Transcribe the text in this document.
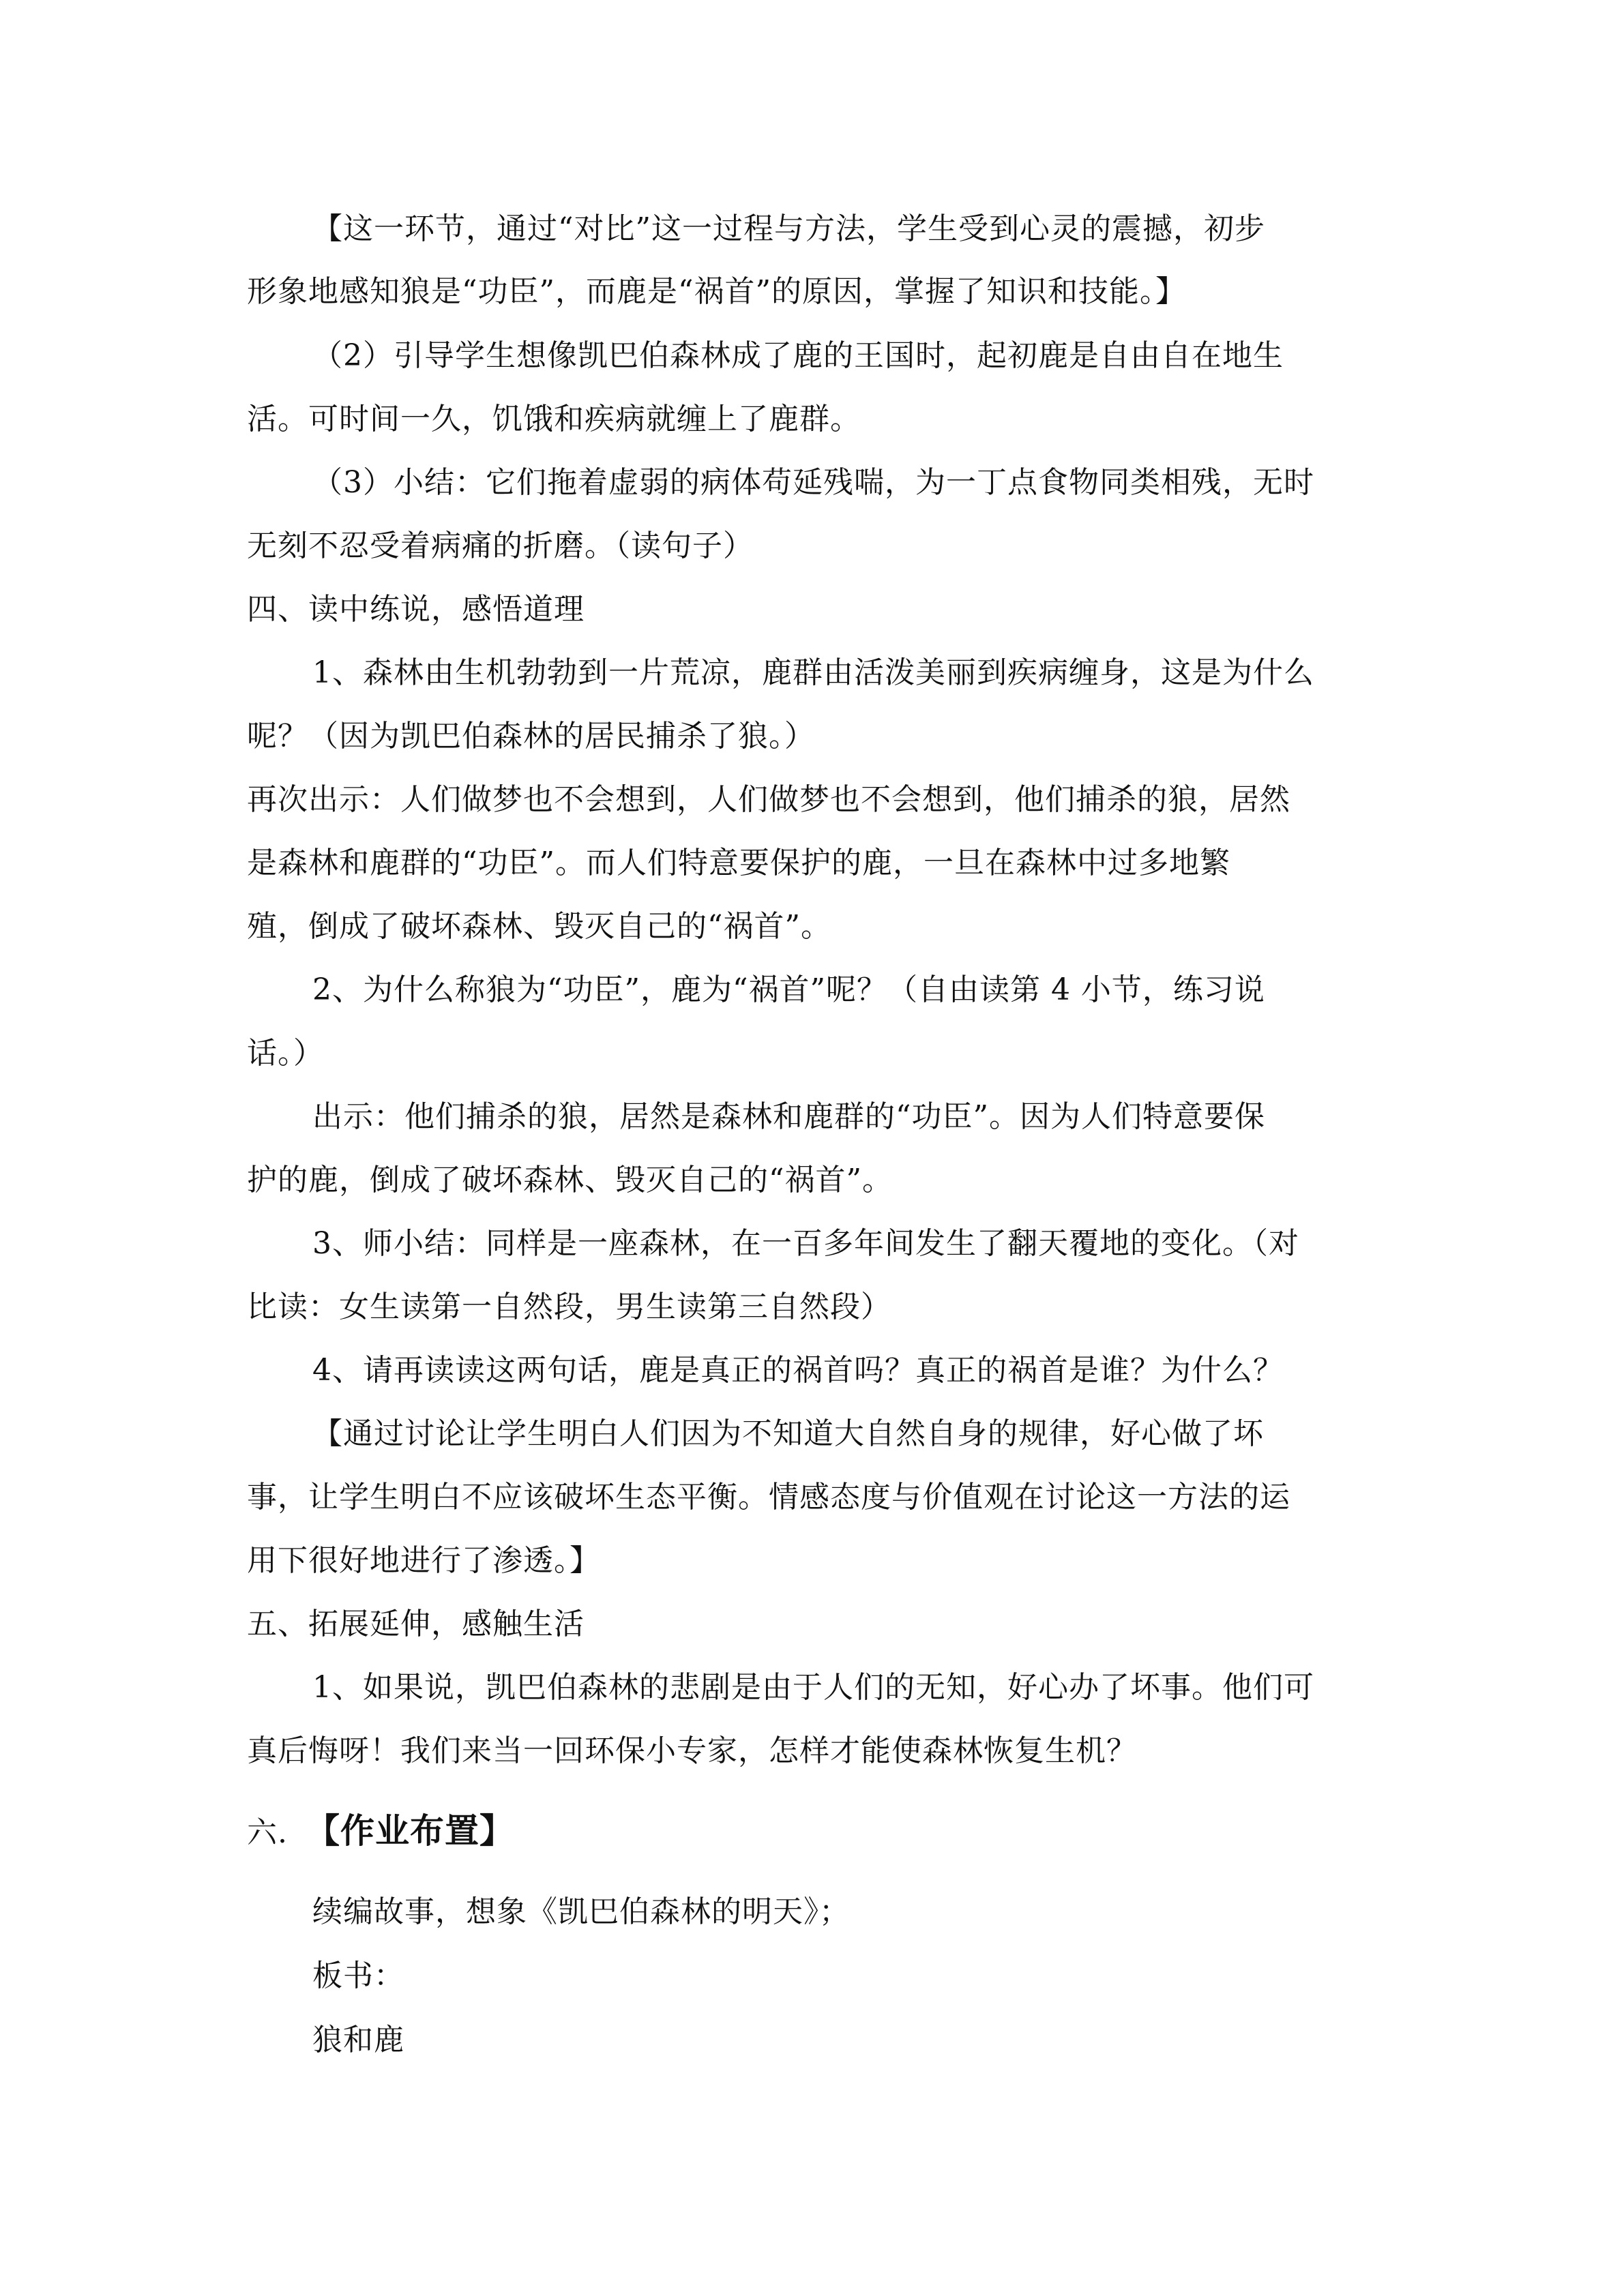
【这一环节，通过“对比”这一过程与方法，学生受到心灵的震撼，初步
形象地感知狼是“功臣”，而鹿是“祸首”的原因，掌握了知识和技能。】
（2）引导学生想像凯巴伯森林成了鹿的王国时，起初鹿是自由自在地生
活。可时间一久，饥饿和疾病就缠上了鹿群。
（3）小结：它们拖着虚弱的病体苟延残喘，为一丁点食物同类相残，无时
无刻不忍受着病痛的折磨。（读句子）
四、读中练说，感悟道理
1、森林由生机勃勃到一片荒凉，鹿群由活泼美丽到疾病缠身，这是为什么
呢？（因为凯巴伯森林的居民捕杀了狼。）
再次出示：人们做梦也不会想到，人们做梦也不会想到，他们捕杀的狼，居然
是森林和鹿群的“功臣”。而人们特意要保护的鹿，一旦在森林中过多地繁
殖，倒成了破坏森林、毁灭自己的“祸首”。
2、为什么称狼为“功臣”，鹿为“祸首”呢？（自由读第 4 小节，练习说
话。）
出示：他们捕杀的狼，居然是森林和鹿群的“功臣”。因为人们特意要保
护的鹿，倒成了破坏森林、毁灭自己的“祸首”。
3、师小结：同样是一座森林，在一百多年间发生了翻天覆地的变化。（对
比读：女生读第一自然段，男生读第三自然段）
4、请再读读这两句话，鹿是真正的祸首吗？真正的祸首是谁？为什么？
【通过讨论让学生明白人们因为不知道大自然自身的规律，好心做了坏
事，让学生明白不应该破坏生态平衡。情感态度与价值观在讨论这一方法的运
用下很好地进行了渗透。】
五、拓展延伸，感触生活
1、如果说，凯巴伯森林的悲剧是由于人们的无知，好心办了坏事。他们可
真后悔呀！我们来当一回环保小专家，怎样才能使森林恢复生机？
六. 【作业布置】
续编故事，想象《凯巴伯森林的明天》；
板书：
狼和鹿
